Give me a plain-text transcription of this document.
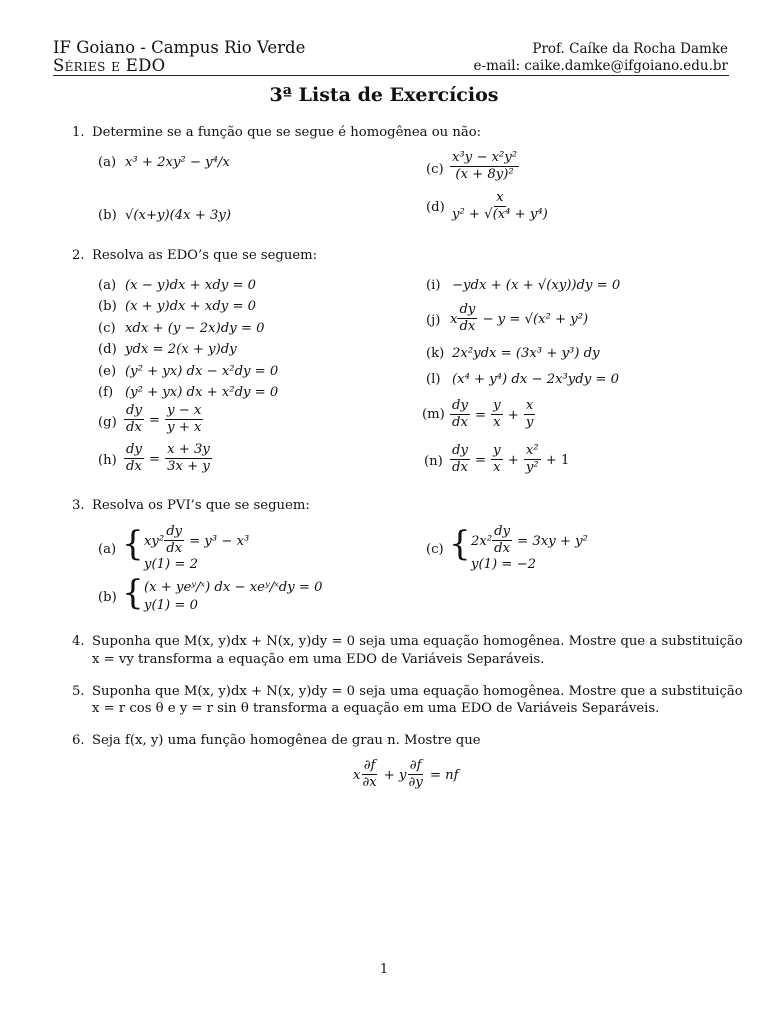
IF Goiano - Campus Rio Verde
Séries e EDO
Prof. Caíke da Rocha Damke
e-mail: caike.damke@ifgoiano.edu.br
3ª Lista de Exercícios
1. Determine se a função que se segue é homogênea ou não:
(a) x³ + 2xy² − y⁴/x
(b) √(x+y)(4x + 3y)
$(c) \frac{\text{x³y − x²y²}}{\text{(x + 8y)²}}$
$(d) \frac{x}{\text{y² + √(x⁴ + y⁴)}}$
2. Resolva as EDO’s que se seguem:
(a) (x − y)dx + xdy = 0
(b) (x + y)dx + xdy = 0
(c) xdx + (y − 2x)dy = 0
(d) ydx = 2(x + y)dy
(e) (y² + yx) dx − x²dy = 0
(f) (y² + yx) dx + x²dy = 0
$(g) \frac{dy}{dx} = \frac{y - x}{y + x}$
$(h) \frac{dy}{dx} = \frac{x + 3y}{3x + y}$
(i) −ydx + (x + √(xy))dy = 0
(j) x $\frac{dy}{dx} - y = √(x^2 + y^2)$
(k) 2x²ydx = (3x³ + y³) dy
(l) (x⁴ + y⁴) dx − 2x³ydy = 0
$(m) \frac{dy}{dx} = \frac{y}{x} + \frac{x}{y}$
$(n) \frac{dy}{dx} = \frac{y}{x} + \frac{\text{x²}}{\text{y²}} + 1$
3. Resolva os PVI’s que se seguem:
(a) { $xy^2 \frac{dy}{dx} = y^3 - x^3$
y(1) = 2
(b) { (x + yeʸ/ˣ) dx − xeʸ/ˣdy = 0
y(1) = 0
(c) { $2x^2 \frac{dy}{dx} = 3xy + y^2$
y(1) = −2
4. Suponha que M(x, y)dx + N(x, y)dy = 0 seja uma equação homogênea. Mostre que a substituição
x = vy transforma a equação em uma EDO de Variáveis Separáveis.
5. Suponha que M(x, y)dx + N(x, y)dy = 0 seja uma equação homogênea. Mostre que a substituição
x = r cos θ e y = r sin θ transforma a equação em uma EDO de Variáveis Separáveis.
6. Seja f(x, y) uma função homogênea de grau n. Mostre que
x $\frac{\partial f}{\partial x} + y \frac{\partial f}{\partial y}$ = nf
1
